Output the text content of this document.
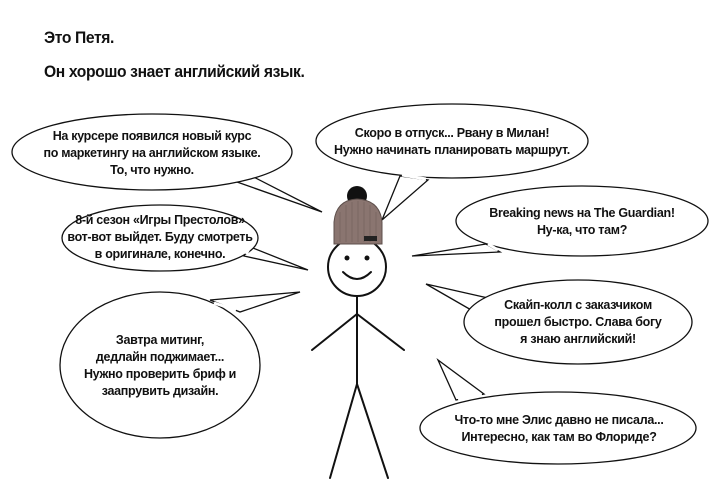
Это Петя.
Он хорошо знает английский язык.
На курсере появился новый курс
по маркетингу на английском языке.
То, что нужно.
Скоро в отпуск... Рвану в Милан!
Нужно начинать планировать маршрут.
8-й сезон «Игры Престолов»
вот-вот выйдет. Буду смотреть
в оригинале, конечно.
Breaking news на The Guardian!
Ну-ка, что там?
Завтра митинг,
дедлайн поджимает...
Нужно проверить бриф и
заапрувить дизайн.
Скайп-колл с заказчиком
прошел быстро. Слава богу
я знаю английский!
Что-то мне Элис давно не писала...
Интересно, как там во Флориде?
